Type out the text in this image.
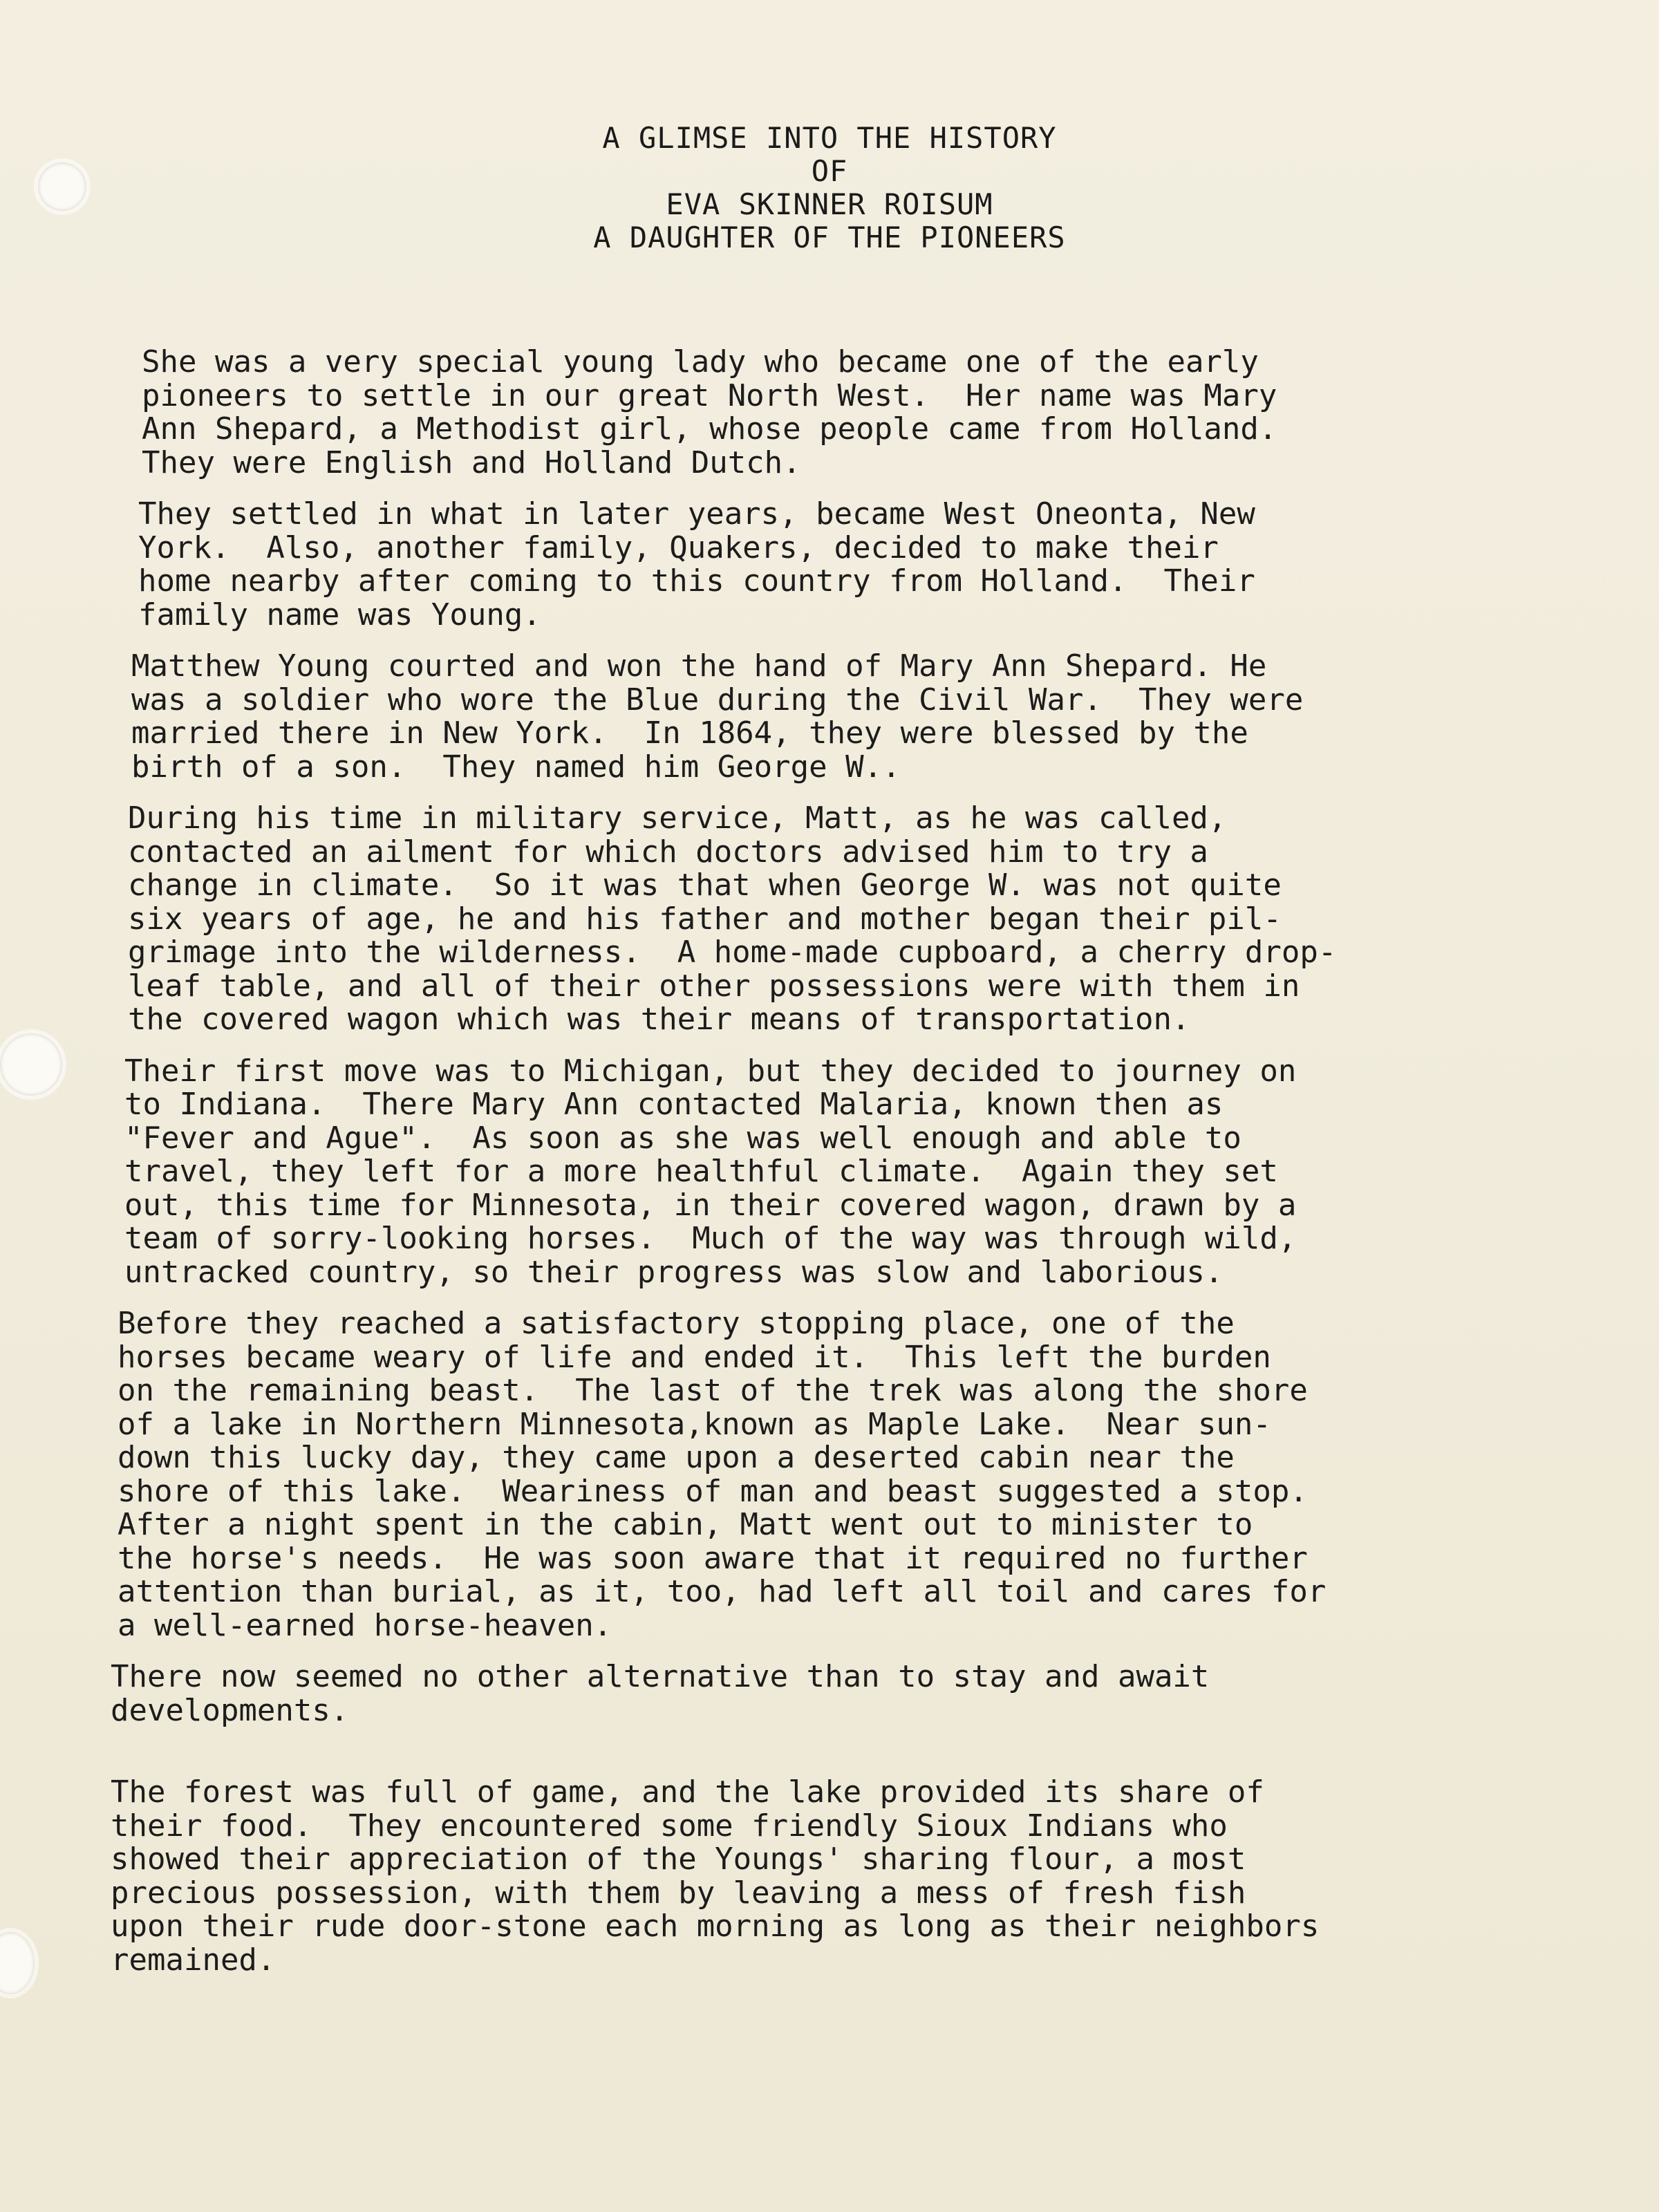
A GLIMSE INTO THE HISTORY
OF
EVA SKINNER ROISUM
A DAUGHTER OF THE PIONEERS
She was a very special young lady who became one of the early
pioneers to settle in our great North West.  Her name was Mary
Ann Shepard, a Methodist girl, whose people came from Holland.
They were English and Holland Dutch.
They settled in what in later years, became West Oneonta, New
York.  Also, another family, Quakers, decided to make their
home nearby after coming to this country from Holland.  Their
family name was Young.
Matthew Young courted and won the hand of Mary Ann Shepard. He
was a soldier who wore the Blue during the Civil War.  They were
married there in New York.  In 1864, they were blessed by the
birth of a son.  They named him George W..
During his time in military service, Matt, as he was called,
contacted an ailment for which doctors advised him to try a
change in climate.  So it was that when George W. was not quite
six years of age, he and his father and mother began their pil-
grimage into the wilderness.  A home-made cupboard, a cherry drop-
leaf table, and all of their other possessions were with them in
the covered wagon which was their means of transportation.
Their first move was to Michigan, but they decided to journey on
to Indiana.  There Mary Ann contacted Malaria, known then as
"Fever and Ague".  As soon as she was well enough and able to
travel, they left for a more healthful climate.  Again they set
out, this time for Minnesota, in their covered wagon, drawn by a
team of sorry-looking horses.  Much of the way was through wild,
untracked country, so their progress was slow and laborious.
Before they reached a satisfactory stopping place, one of the
horses became weary of life and ended it.  This left the burden
on the remaining beast.  The last of the trek was along the shore
of a lake in Northern Minnesota,known as Maple Lake.  Near sun-
down this lucky day, they came upon a deserted cabin near the
shore of this lake.  Weariness of man and beast suggested a stop.
After a night spent in the cabin, Matt went out to minister to
the horse's needs.  He was soon aware that it required no further
attention than burial, as it, too, had left all toil and cares for
a well-earned horse-heaven.
There now seemed no other alternative than to stay and await
developments.
The forest was full of game, and the lake provided its share of
their food.  They encountered some friendly Sioux Indians who
showed their appreciation of the Youngs' sharing flour, a most
precious possession, with them by leaving a mess of fresh fish
upon their rude door-stone each morning as long as their neighbors
remained.
